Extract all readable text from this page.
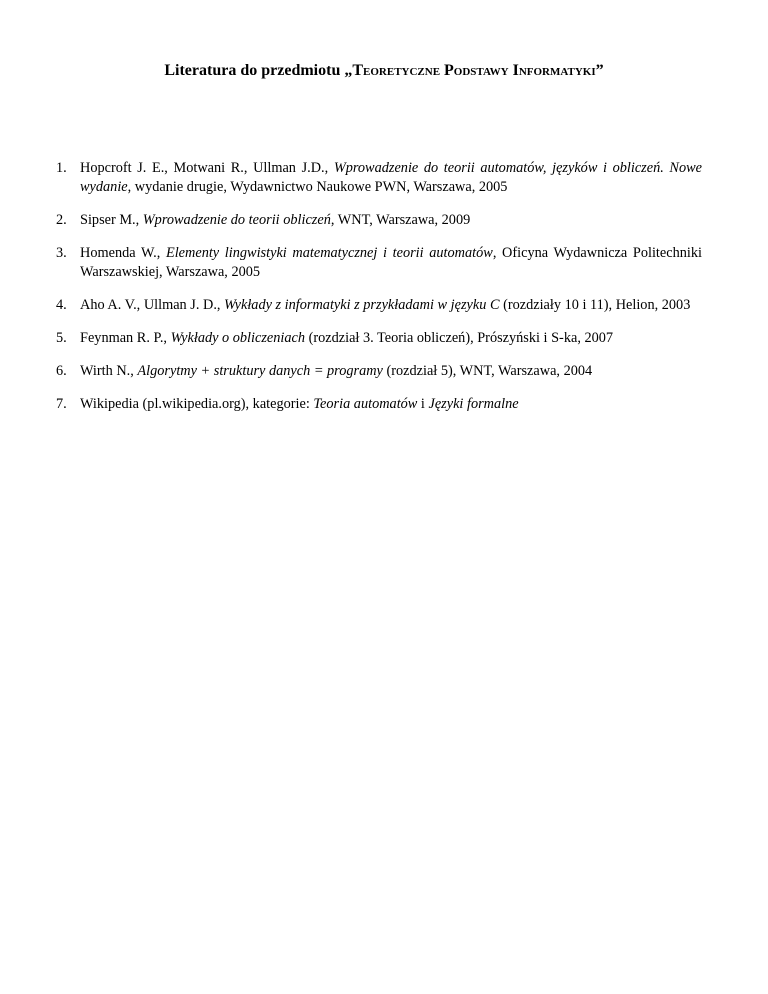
Literatura do przedmiotu „Teoretyczne Podstawy Informatyki”
1. Hopcroft J. E., Motwani R., Ullman J.D., Wprowadzenie do teorii automatów, języków i obliczeń. Nowe wydanie, wydanie drugie, Wydawnictwo Naukowe PWN, Warszawa, 2005
2. Sipser M., Wprowadzenie do teorii obliczeń, WNT, Warszawa, 2009
3. Homenda W., Elementy lingwistyki matematycznej i teorii automatów, Oficyna Wydawnicza Politechniki Warszawskiej, Warszawa, 2005
4. Aho A. V., Ullman J. D., Wykłady z informatyki z przykładami w języku C (rozdziały 10 i 11), Helion, 2003
5. Feynman R. P., Wykłady o obliczeniach (rozdział 3. Teoria obliczeń), Prószyński i S-ka, 2007
6. Wirth N., Algorytmy + struktury danych = programy (rozdział 5), WNT, Warszawa, 2004
7. Wikipedia (pl.wikipedia.org), kategorie: Teoria automatów i Języki formalne
